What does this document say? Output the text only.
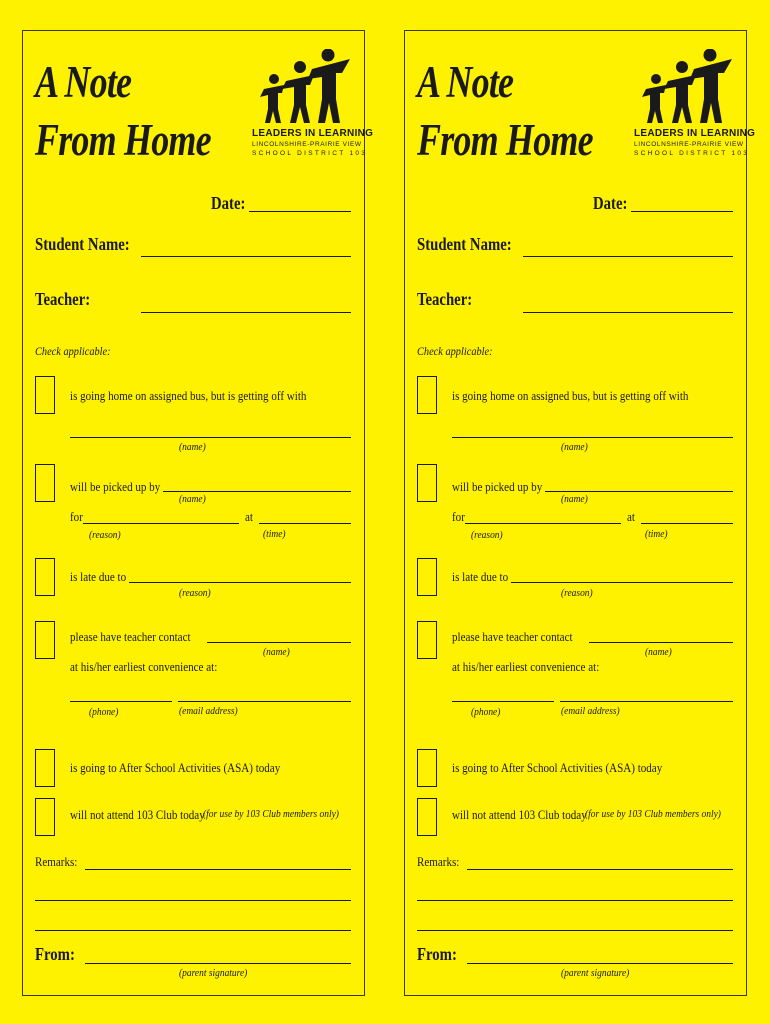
A Note
From Home	LEADERS IN LEARNING
LINCOLNSHIRE-PRAIRIE VIEW
SCHOOL DISTRICT 103
Date:
Student Name:
Teacher:
Check applicable:
is going home on assigned bus, but is getting off with
(name)
will be picked up by
(name)
for	at
(reason)	(time)
is late due to
(reason)
please have teacher contact
(name)
at his/her earliest convenience at:
(phone)	(email address)
is going to After School Activities (ASA) today
will not attend 103 Club today
(for use by 103 Club members only)
Remarks:
From:
(parent signature)
A Note
From Home	LEADERS IN LEARNING
LINCOLNSHIRE-PRAIRIE VIEW
SCHOOL DISTRICT 103
Date:
Student Name:
Teacher:
Check applicable:
is going home on assigned bus, but is getting off with
(name)
will be picked up by
(name)
for	at
(reason)	(time)
is late due to
(reason)
please have teacher contact
(name)
at his/her earliest convenience at:
(phone)	(email address)
is going to After School Activities (ASA) today
will not attend 103 Club today
(for use by 103 Club members only)
Remarks:
From:
(parent signature)
